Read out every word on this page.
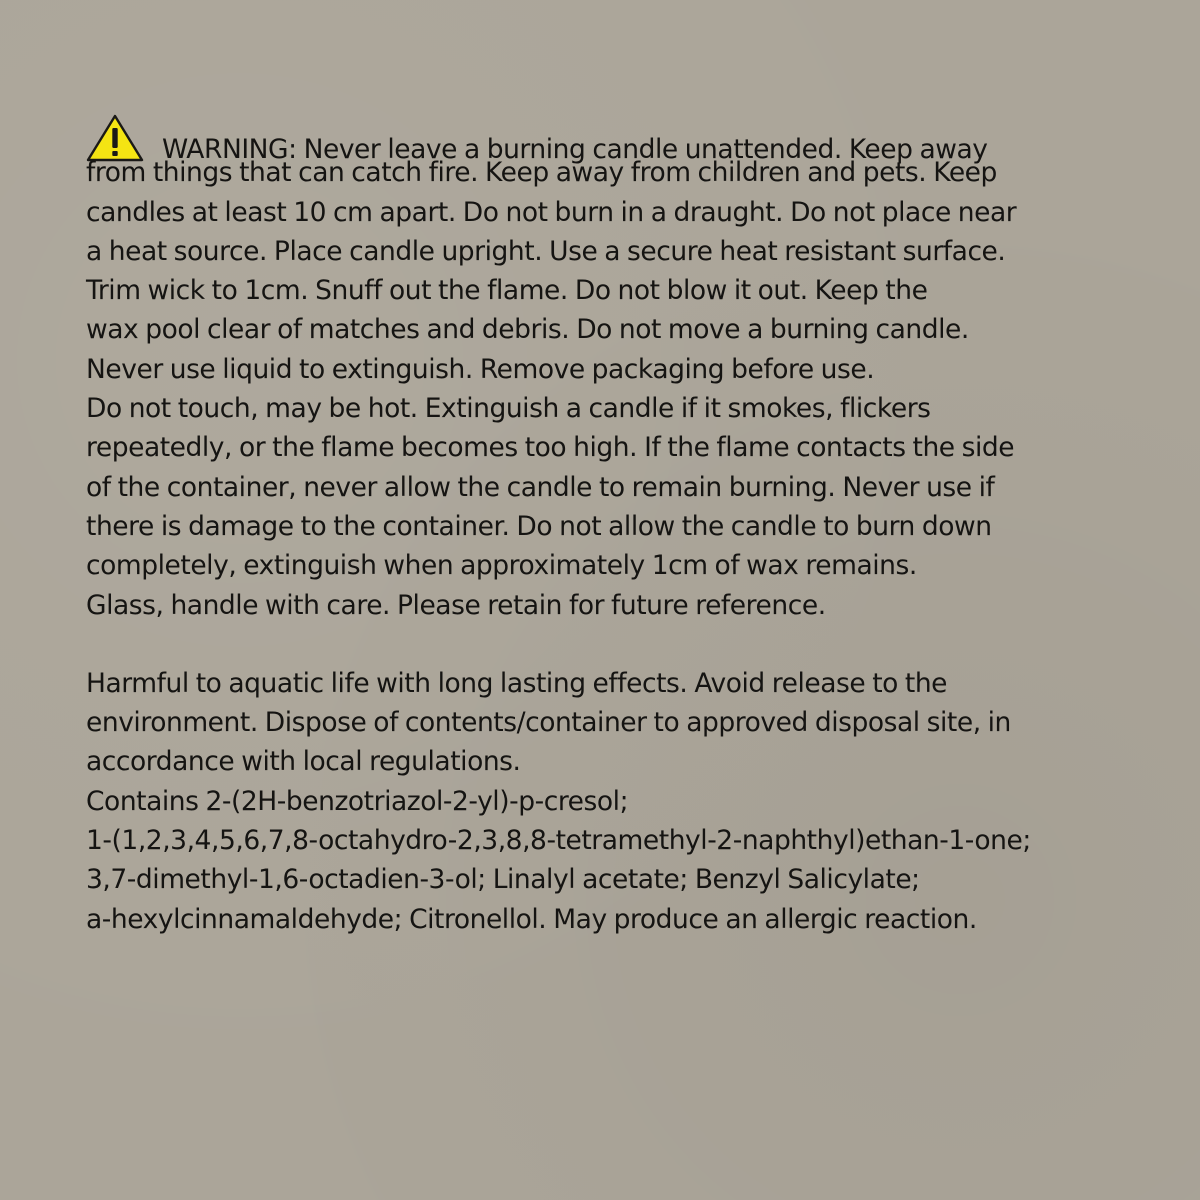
WARNING: Never leave a burning candle unattended. Keep away
from things that can catch fire. Keep away from children and pets. Keep
candles at least 10 cm apart. Do not burn in a draught. Do not place near
a heat source. Place candle upright. Use a secure heat resistant surface.
Trim wick to 1cm. Snuff out the flame. Do not blow it out. Keep the
wax pool clear of matches and debris. Do not move a burning candle.
Never use liquid to extinguish. Remove packaging before use.
Do not touch, may be hot. Extinguish a candle if it smokes, flickers
repeatedly, or the flame becomes too high. If the flame contacts the side
of the container, never allow the candle to remain burning. Never use if
there is damage to the container. Do not allow the candle to burn down
completely, extinguish when approximately 1cm of wax remains.
Glass, handle with care. Please retain for future reference.
Harmful to aquatic life with long lasting effects. Avoid release to the
environment. Dispose of contents/container to approved disposal site, in
accordance with local regulations.
Contains 2-(2H-benzotriazol-2-yl)-p-cresol;
1-(1,2,3,4,5,6,7,8-octahydro-2,3,8,8-tetramethyl-2-naphthyl)ethan-1-one;
3,7-dimethyl-1,6-octadien-3-ol; Linalyl acetate; Benzyl Salicylate;
a-hexylcinnamaldehyde; Citronellol. May produce an allergic reaction.
